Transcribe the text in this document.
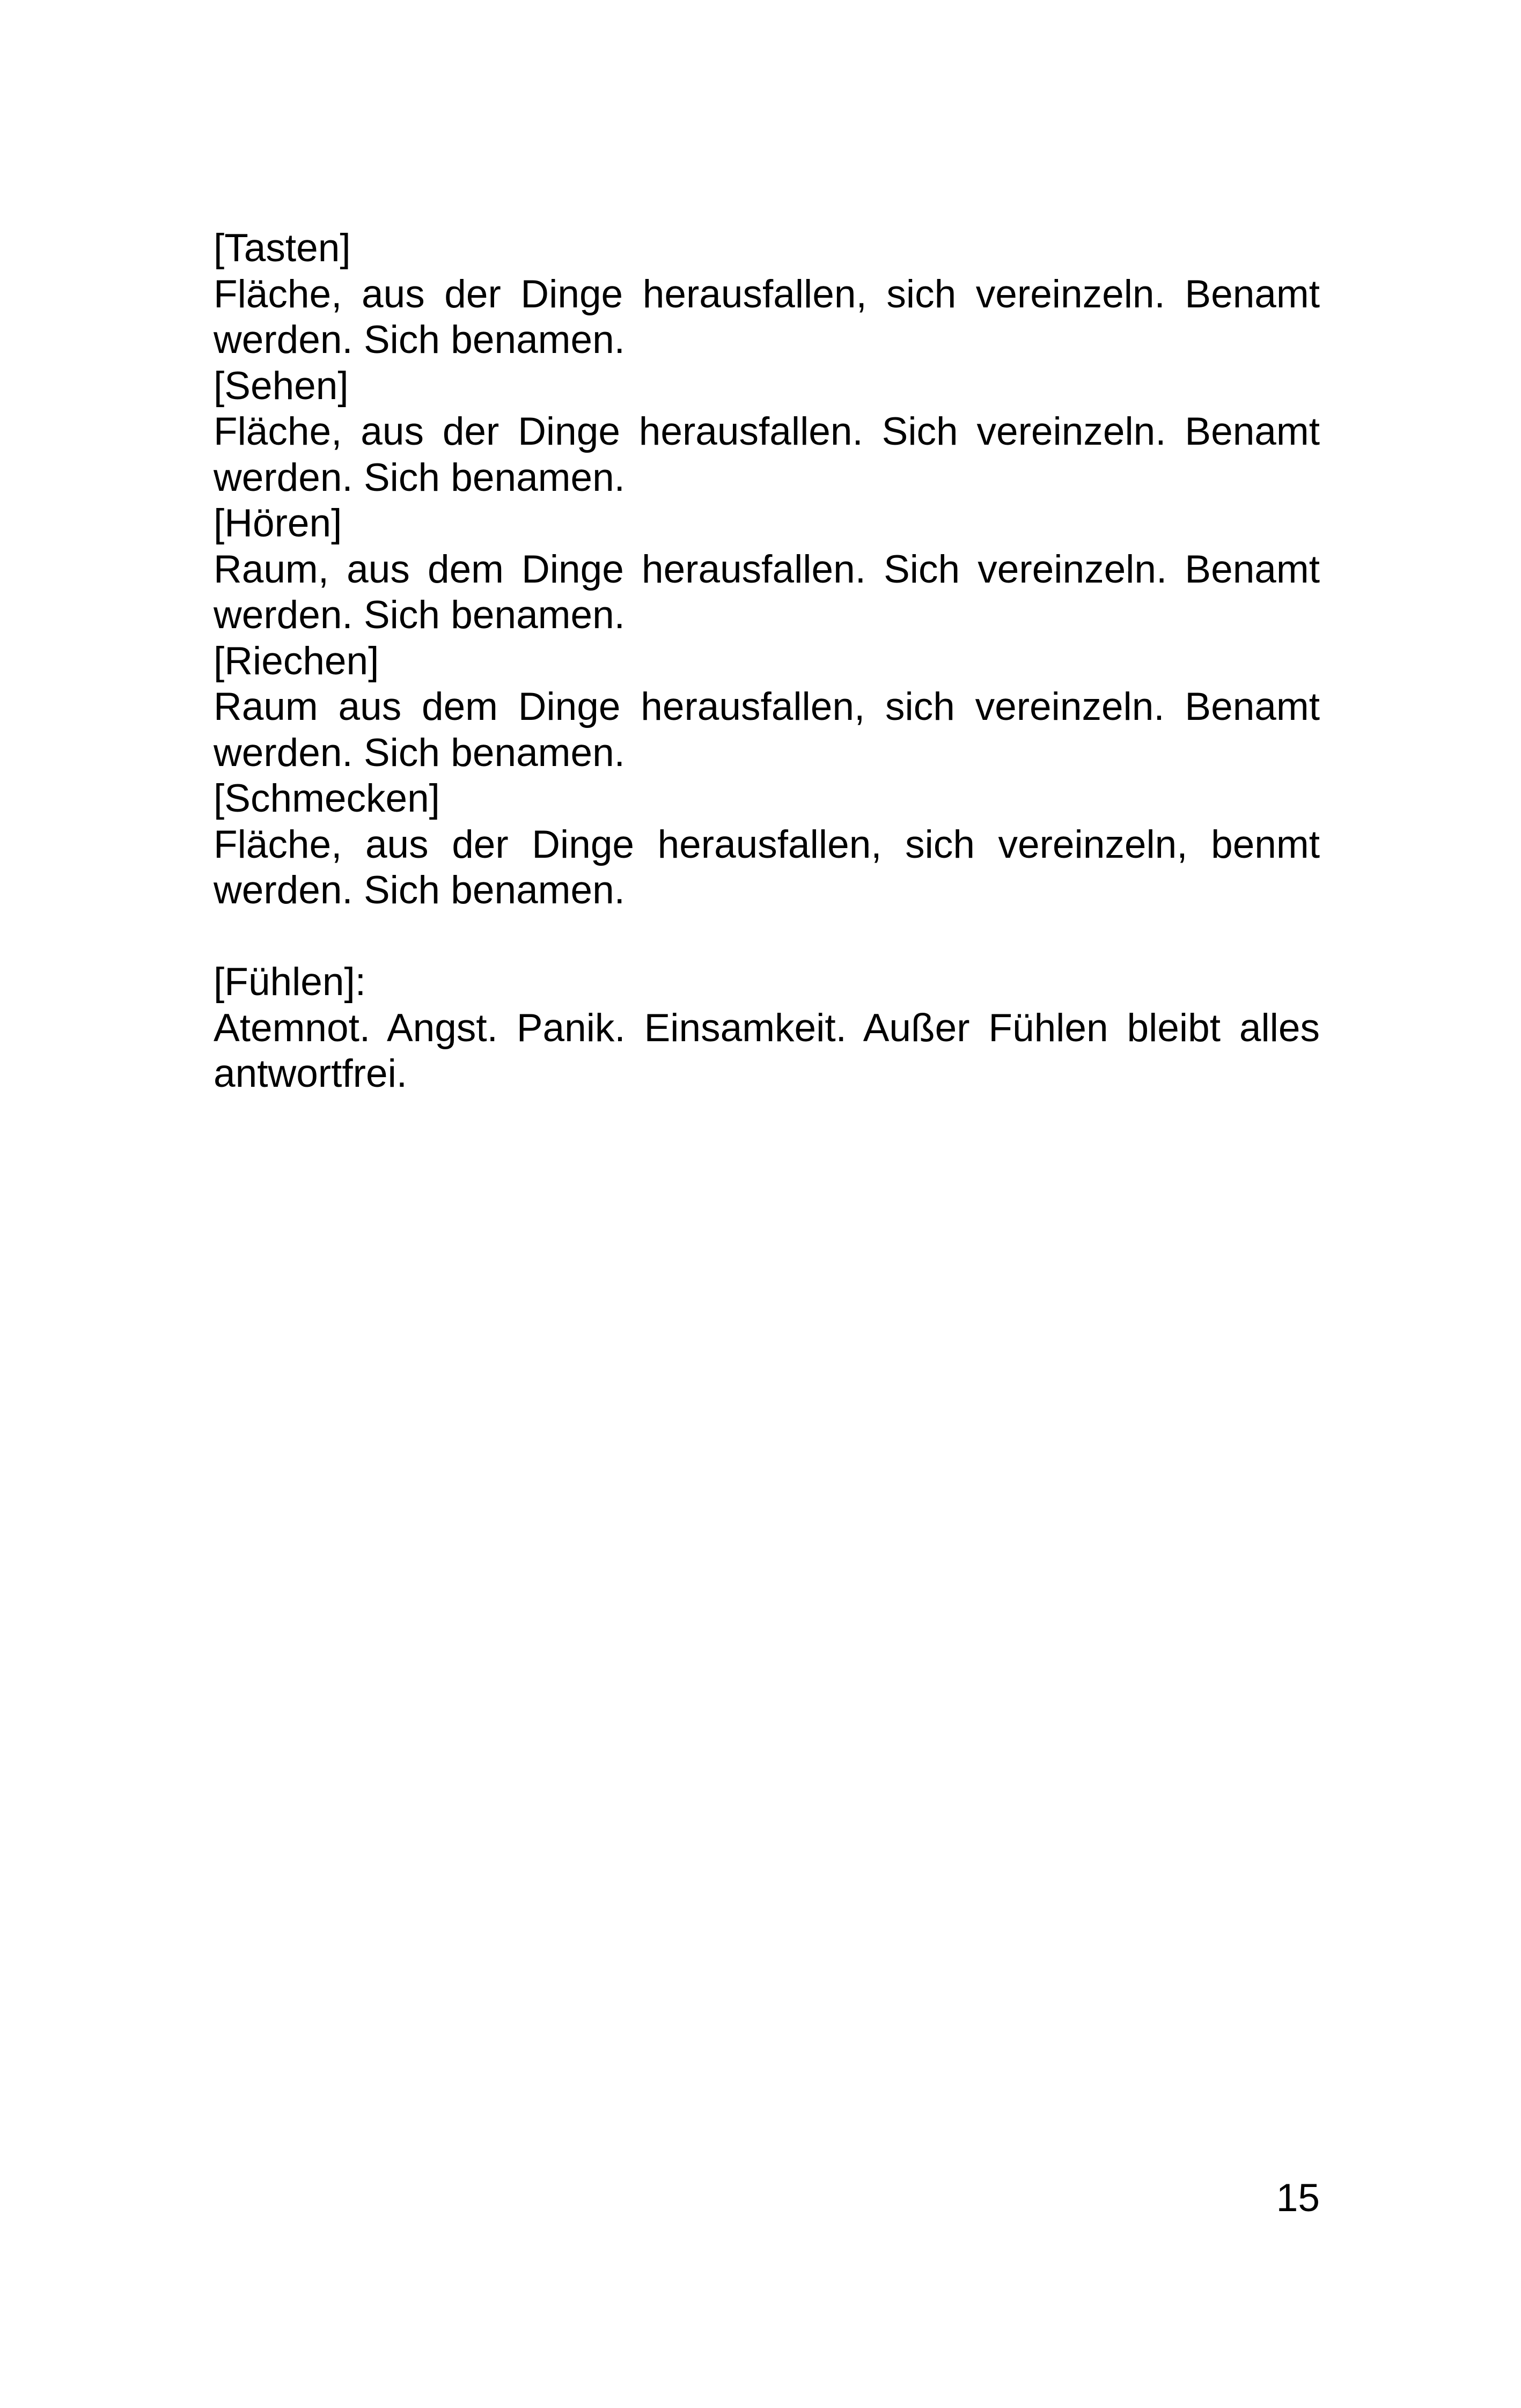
[Tasten]
Fläche, aus der Dinge herausfallen, sich vereinzeln. Benamt werden. Sich benamen.
[Sehen]
Fläche, aus der Dinge herausfallen. Sich vereinzeln. Benamt werden. Sich benamen.
[Hören]
Raum, aus dem Dinge herausfallen. Sich vereinzeln. Benamt werden. Sich benamen.
[Riechen]
Raum aus dem Dinge herausfallen, sich vereinzeln. Benamt werden. Sich benamen.
[Schmecken]
Fläche, aus der Dinge herausfallen, sich vereinzeln, benmt werden. Sich benamen.
[Fühlen]:
Atemnot. Angst. Panik. Einsamkeit. Außer Fühlen bleibt alles antwortfrei.
15
